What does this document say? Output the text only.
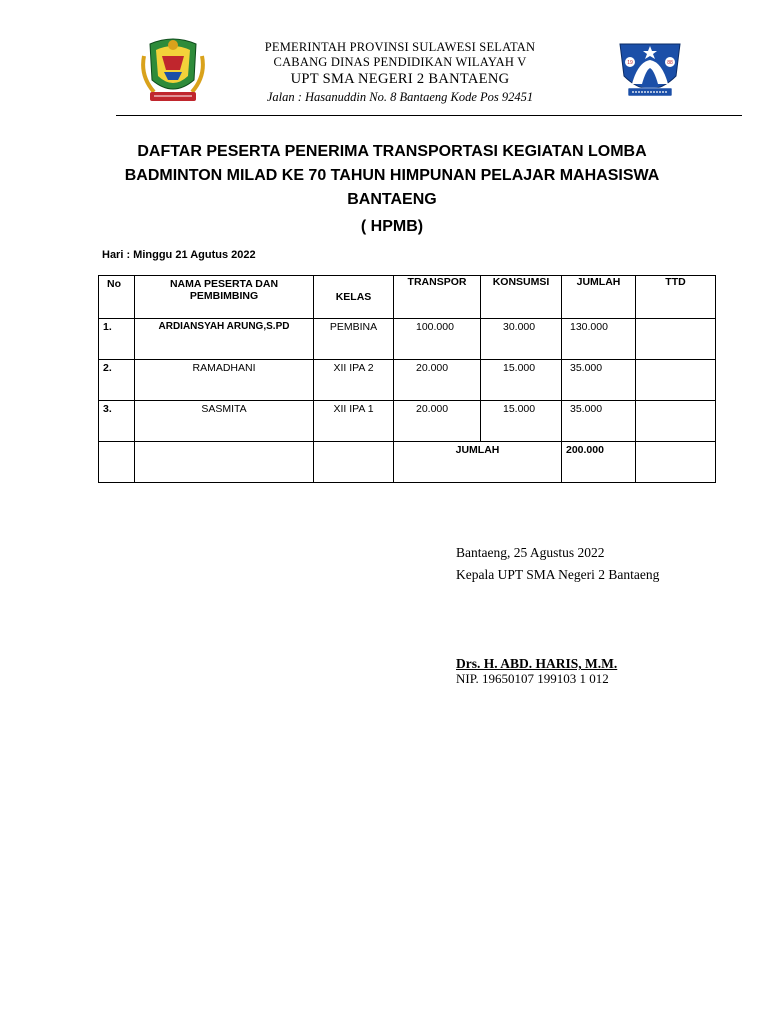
PEMERINTAH PROVINSI SULAWESI SELATAN
CABANG DINAS PENDIDIKAN WILAYAH V
UPT SMA NEGERI 2 BANTAENG
Jalan : Hasanuddin No. 8 Bantaeng Kode Pos 92451
19	88
DAFTAR PESERTA PENERIMA TRANSPORTASI KEGIATAN LOMBA BADMINTON MILAD KE 70 TAHUN HIMPUNAN PELAJAR MAHASISWA BANTAENG
( HPMB)
Hari : Minggu 21 Agutus 2022
No	NAMA PESERTA DAN PEMBIMBING	KELAS	TRANSPOR	KONSUMSI	JUMLAH	TTD
1.	ARDIANSYAH ARUNG,S.PD	PEMBINA	100.000	30.000	130.000	
2.	RAMADHANI	XII IPA 2	20.000	15.000	35.000	
3.	SASMITA	XII IPA 1	20.000	15.000	35.000	
			JUMLAH		200.000	
Bantaeng, 25 Agustus 2022
Kepala UPT SMA Negeri 2 Bantaeng
Drs. H. ABD. HARIS, M.M.
NIP. 19650107 199103 1 012
